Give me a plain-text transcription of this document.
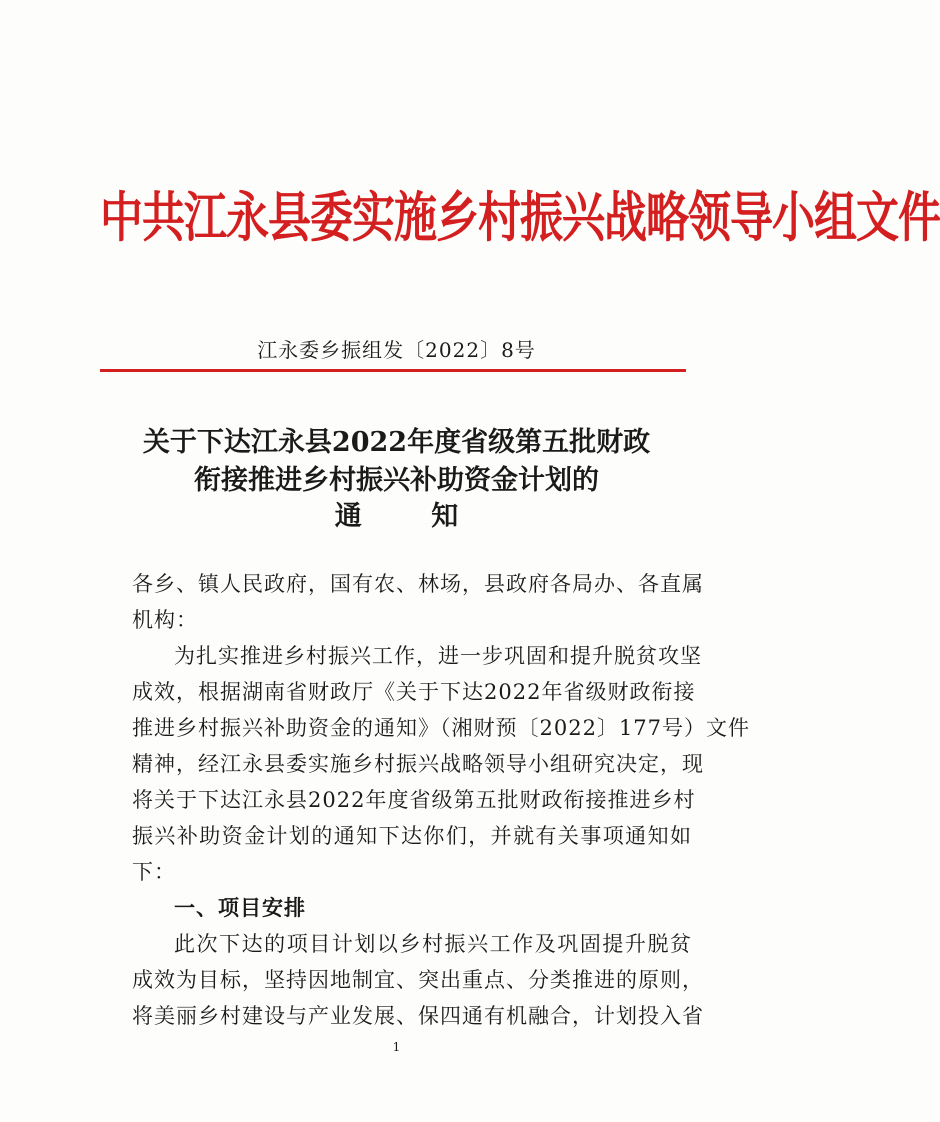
中共江永县委实施乡村振兴战略领导小组文件
江永委乡振组发〔2022〕8号
关于下达江永县2022年度省级第五批财政
衔接推进乡村振兴补助资金计划的
通 知
各乡、镇人民政府，国有农、林场，县政府各局办、各直属
机构：
为扎实推进乡村振兴工作，进一步巩固和提升脱贫攻坚
成效，根据湖南省财政厅《关于下达2022年省级财政衔接
推进乡村振兴补助资金的通知》（湘财预〔2022〕177号）文件
精神，经江永县委实施乡村振兴战略领导小组研究决定，现
将关于下达江永县2022年度省级第五批财政衔接推进乡村
振兴补助资金计划的通知下达你们，并就有关事项通知如
下：
一、项目安排
此次下达的项目计划以乡村振兴工作及巩固提升脱贫
成效为目标，坚持因地制宜、突出重点、分类推进的原则，
将美丽乡村建设与产业发展、保四通有机融合，计划投入省
1
